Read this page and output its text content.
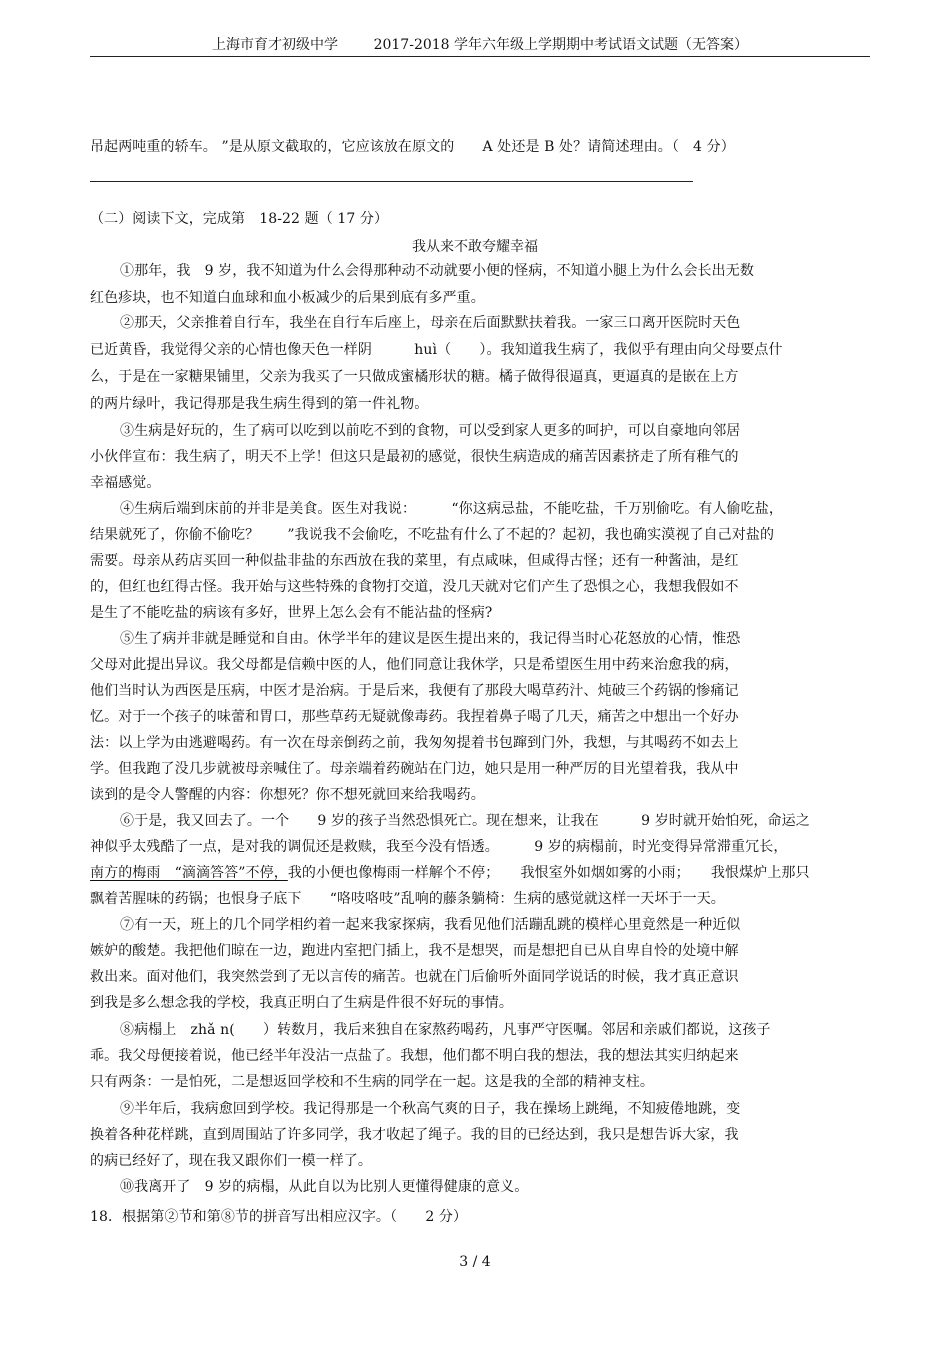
上海市育才初级中学	2017-2018 学年六年级上学期期中考试语文试题（无答案）
吊起两吨重的轿车。 ”是从原文截取的，它应该放在原文的　　A 处还是 B 处？请简述理由。（　4 分）
（二）阅读下文，完成第　18-22 题（ 17 分）
我从来不敢夸耀幸福
①那年，我　9 岁，我不知道为什么会得那种动不动就要小便的怪病，不知道小腿上为什么会长出无数
红色疹块，也不知道白血球和血小板减少的后果到底有多严重。
②那天，父亲推着自行车，我坐在自行车后座上，母亲在后面默默扶着我。一家三口离开医院时天色
已近黄昏，我觉得父亲的心情也像天色一样阴　　　huì（　　）。我知道我生病了，我似乎有理由向父母要点什
么，于是在一家糖果铺里，父亲为我买了一只做成蜜橘形状的糖。橘子做得很逼真，更逼真的是嵌在上方
的两片绿叶，我记得那是我生病生得到的第一件礼物。
③生病是好玩的，生了病可以吃到以前吃不到的食物，可以受到家人更多的呵护，可以自豪地向邻居
小伙伴宣布：我生病了，明天不上学！但这只是最初的感觉，很快生病造成的痛苦因素挤走了所有稚气的
幸福感觉。
④生病后端到床前的并非是美食。医生对我说：　　　“你这病忌盐，不能吃盐，千万别偷吃。有人偷吃盐，
结果就死了，你偷不偷吃？　　”我说我不会偷吃，不吃盐有什么了不起的？起初，我也确实漠视了自己对盐的
需要。母亲从药店买回一种似盐非盐的东西放在我的菜里，有点咸味，但咸得古怪；还有一种酱油，是红
的，但红也红得古怪。我开始与这些特殊的食物打交道，没几天就对它们产生了恐惧之心，我想我假如不
是生了不能吃盐的病该有多好，世界上怎么会有不能沾盐的怪病?
⑤生了病并非就是睡觉和自由。休学半年的建议是医生提出来的，我记得当时心花怒放的心情，惟恐
父母对此提出异议。我父母都是信赖中医的人，他们同意让我休学，只是希望医生用中药来治愈我的病，
他们当时认为西医是压病，中医才是治病。于是后来，我便有了那段大喝草药汁、炖破三个药锅的惨痛记
忆。对于一个孩子的味蕾和胃口，那些草药无疑就像毒药。我捏着鼻子喝了几天，痛苦之中想出一个好办
法：以上学为由逃避喝药。有一次在母亲倒药之前，我匆匆提着书包蹿到门外，我想，与其喝药不如去上
学。但我跑了没几步就被母亲喊住了。母亲端着药碗站在门边，她只是用一种严厉的目光望着我，我从中
读到的是令人警醒的内容：你想死？你不想死就回来给我喝药。
⑥于是，我又回去了。一个　　9 岁的孩子当然恐惧死亡。现在想来，让我在　　　9 岁时就开始怕死，命运之
神似乎太残酷了一点，是对我的调侃还是救赎，我至今没有悟透。　　　9 岁的病榻前，时光变得异常滞重冗长，
飘着苦腥味的药锅；也恨身子底下　　“咯吱咯吱”乱响的藤条躺椅：生病的感觉就这样一天坏于一天。
⑦有一天，班上的几个同学相约着一起来我家探病，我看见他们活蹦乱跳的模样心里竟然是一种近似
嫉妒的酸楚。我把他们晾在一边，跑进内室把门插上，我不是想哭，而是想把自已从自卑自怜的处境中解
救出来。面对他们，我突然尝到了无以言传的痛苦。也就在门后偷听外面同学说话的时候，我才真正意识
到我是多么想念我的学校，我真正明白了生病是件很不好玩的事情。
⑧病榻上　zhǎ n(　　）转数月，我后来独自在家熬药喝药，凡事严守医嘱。邻居和亲戚们都说，这孩子
乖。我父母便接着说，他已经半年没沾一点盐了。我想，他们都不明白我的想法，我的想法其实归纳起来
只有两条：一是怕死，二是想返回学校和不生病的同学在一起。这是我的全部的精神支柱。
⑨半年后，我病愈回到学校。我记得那是一个秋高气爽的日子，我在操场上跳绳，不知疲倦地跳，变
换着各种花样跳，直到周围站了许多同学，我才收起了绳子。我的目的已经达到，我只是想告诉大家，我
的病已经好了，现在我又跟你们一模一样了。
⑩我离开了　9 岁的病榻，从此自以为比别人更懂得健康的意义。
南方的梅雨　“滴滴答答”不停，我的小便也像梅雨一样解个不停；　　我恨室外如烟如雾的小雨；　　我恨煤炉上那只
18．根据第②节和第⑧节的拼音写出相应汉字。（　　2 分）
3 / 4
